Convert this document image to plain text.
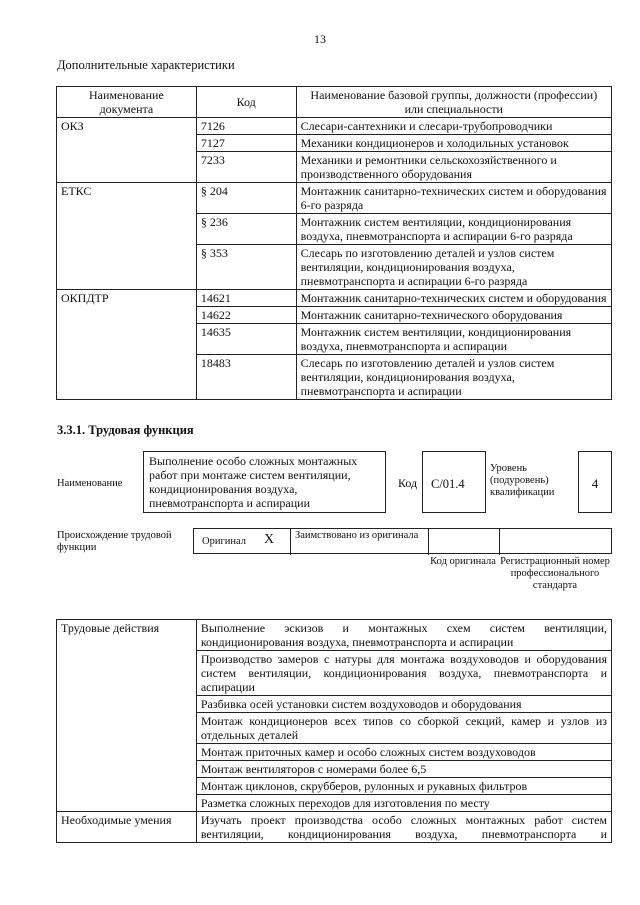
13
Дополнительные характеристики
Наименование документа	Код	Наименование базовой группы, должности (профессии) или специальности
ОКЗ	7126	Слесари-сантехники и слесари-трубопроводчики
	7127	Механики кондиционеров и холодильных установок
	7233	Механики и ремонтники сельскохозяйственного и производственного оборудования
ЕТКС	§ 204	Монтажник санитарно-технических систем и оборудования 6-го разряда
	§ 236	Монтажник систем вентиляции, кондиционирования воздуха, пневмотранспорта и аспирации 6-го разряда
	§ 353	Слесарь по изготовлению деталей и узлов систем вентиляции, кондиционирования воздуха, пневмотранспорта и аспирации 6-го разряда
ОКПДТР	14621	Монтажник санитарно-технических систем и оборудования
	14622	Монтажник санитарно-технического оборудования
	14635	Монтажник систем вентиляции, кондиционирования воздуха, пневмотранспорта и аспирации
	18483	Слесарь по изготовлению деталей и узлов систем вентиляции, кондиционирования воздуха, пневмотранспорта и аспирации
3.3.1. Трудовая функция
Наименование
Выполнение особо сложных монтажных работ при монтаже систем вентиляции, кондиционирования воздуха, пневмотранспорта и аспирации
Код	C/01.4
Уровень (подуровень) квалификации
4
Происхождение трудовой функции
Оригинал X Заимствовано из оригинала
Код оригинала Регистрационный номер профессионального стандарта
Трудовые действия	Выполнение эскизов и монтажных схем систем вентиляции, кондиционирования воздуха, пневмотранспорта и аспирации
	Производство замеров с натуры для монтажа воздуховодов и оборудования систем вентиляции, кондиционирования воздуха, пневмотранспорта и аспирации
	Разбивка осей установки систем воздуховодов и оборудования
	Монтаж кондиционеров всех типов со сборкой секций, камер и узлов из отдельных деталей
	Монтаж приточных камер и особо сложных систем воздуховодов
	Монтаж вентиляторов с номерами более 6,5
	Монтаж циклонов, скрубберов, рулонных и рукавных фильтров
	Разметка сложных переходов для изготовления по месту
Необходимые умения	Изучать проект производства особо сложных монтажных работ систем вентиляции, кондиционирования воздуха, пневмотранспорта и
